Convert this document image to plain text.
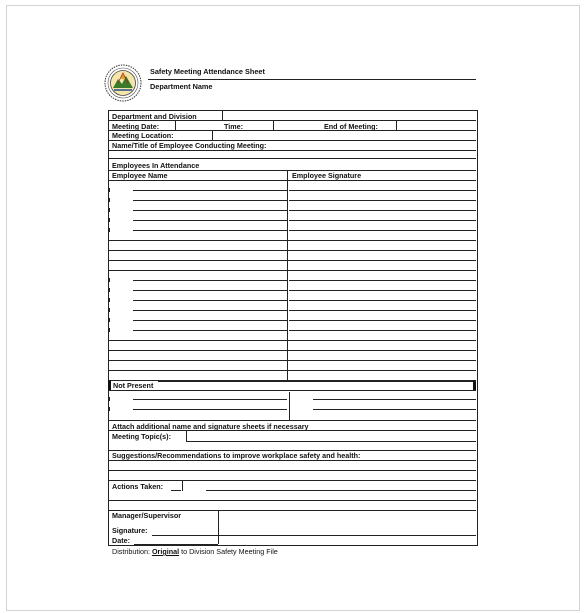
Safety Meeting Attendance Sheet
Department Name
Department and Division
Meeting Date:	Time:	End of Meeting:
Meeting Location:
Name/Title of Employee Conducting Meeting:
Employees In Attendance
Employee Name	Employee Signature
Not Present
Attach additional name and signature sheets if necessary
Meeting Topic(s):
Suggestions/Recommendations to improve workplace safety and health:
Actions Taken:
Manager/Supervisor
Signature:
Date:
Distribution: Original to Division Safety Meeting File
